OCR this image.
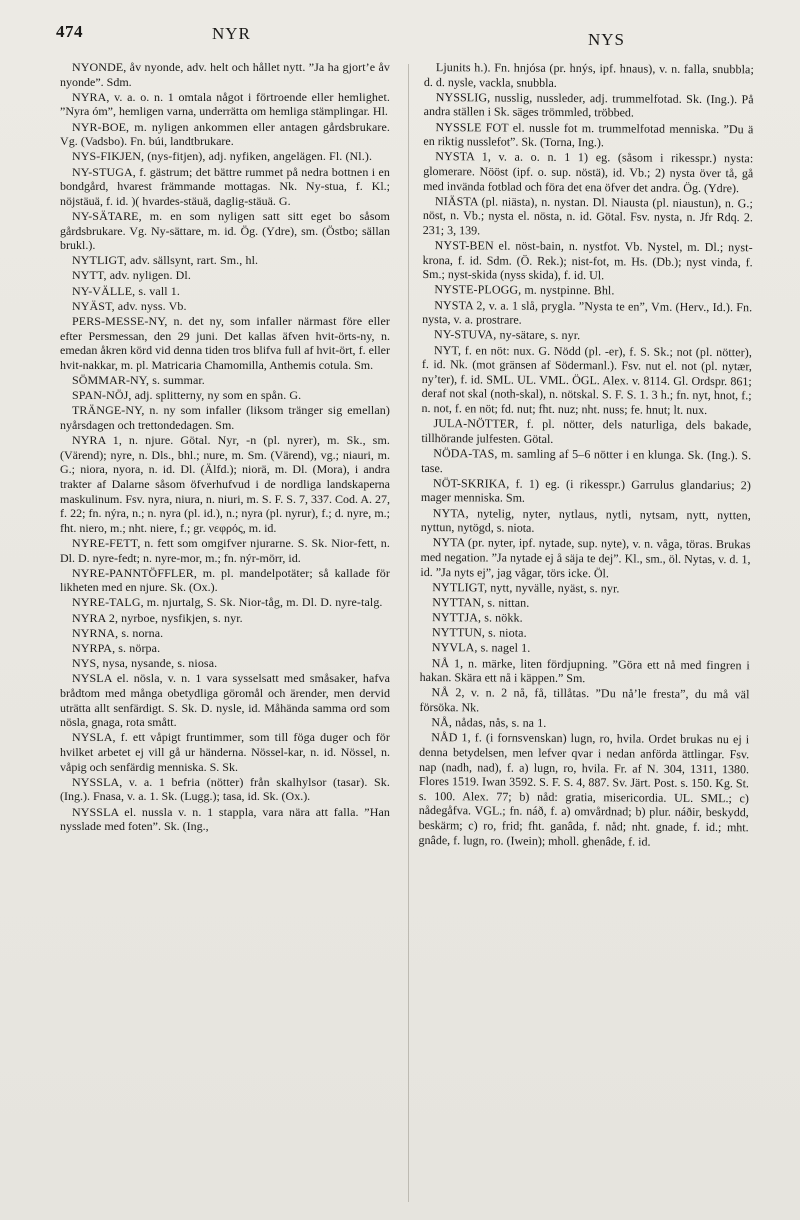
474	NYR	NYS

NYONDE, åv nyonde, adv. helt och hållet nytt. ”Ja ha gjort’e åv nyonde”. Sdm.

NYRA, v. a. o. n. 1 omtala något i förtroende eller hemlighet. ”Nyra óm”, hemligen varna, underrätta om hemliga stämplingar. Hl.

NYR-BOE, m. nyligen ankommen eller antagen gårdsbrukare. Vg. (Vadsbo). Fn. búi, landtbrukare.

NYS-FIKJEN, (nys-fitjen), adj. nyfiken, angelägen. Fl. (Nl.).

NY-STUGA, f. gästrum; det bättre rummet på nedra bottnen i en bondgård, hvarest främmande mottagas. Nk. Ny-stua, f. Kl.; nöjstäuä, f. id. )( hvardes-stäuä, daglig-stäuä. G.

NY-SÄTARE, m. en som nyligen satt sitt eget bo såsom gårdsbrukare. Vg. Ny-sättare, m. id. Ög. (Ydre), sm. (Östbo; sällan brukl.).

NYTLIGT, adv. sällsynt, rart. Sm., hl.

NYTT, adv. nyligen. Dl.

NY-VÄLLE, s. vall 1.

NYÄST, adv. nyss. Vb.

PERS-MESSE-NY, n. det ny, som infaller närmast före eller efter Persmessan, den 29 juni. Det kallas äfven hvit-örts-ny, n. emedan åkren körd vid denna tiden tros blifva full af hvit-ört, f. eller hvit-nakkar, m. pl. Matricaria Chamomilla, Anthemis cotula. Sm.

SÖMMAR-NY, s. summar.

SPAN-NÖJ, adj. splitterny, ny som en spån. G.

TRÄNGE-NY, n. ny som infaller (liksom tränger sig emellan) nyårsdagen och trettondedagen. Sm.

NYRA 1, n. njure. Götal. Nyr, -n (pl. nyrer), m. Sk., sm. (Värend); nyre, n. Dls., bhl.; nure, m. Sm. (Värend), vg.; niauri, m. G.; niora, nyora, n. id. Dl. (Älfd.); niorä, m. Dl. (Mora), i andra trakter af Dalarne såsom öfverhufvud i de nordliga landskaperna maskulinum. Fsv. nyra, niura, n. niuri, m. S. F. S. 7, 337. Cod. A. 27, f. 22; fn. nýra, n.; n. nyra (pl. id.), n.; nyra (pl. nyrur), f.; d. nyre, m.; fht. niero, m.; nht. niere, f.; gr. νεφρός, m. id.

NYRE-FETT, n. fett som omgifver njurarne. S. Sk. Nior-fett, n. Dl. D. nyre-fedt; n. nyre-mor, m.; fn. nýr-mörr, id.

NYRE-PANNTÖFFLER, m. pl. mandelpotäter; så kallade för likheten med en njure. Sk. (Ox.).

NYRE-TALG, m. njurtalg, S. Sk. Nior-tåg, m. Dl. D. nyre-talg.

NYRA 2, nyrboe, nysfikjen, s. nyr.

NYRNA, s. norna.

NYRPA, s. nörpa.

NYS, nysa, nysande, s. niosa.

NYSLA el. nösla, v. n. 1 vara sysselsatt med småsaker, hafva brådtom med många obetydliga göromål och ärender, men dervid uträtta allt senfärdigt. S. Sk. D. nysle, id. Måhända samma ord som nösla, gnaga, rota smått.

NYSLA, f. ett våpigt fruntimmer, som till föga duger och för hvilket arbetet ej vill gå ur händerna. Nössel-kar, n. id. Nössel, n. våpig och senfärdig menniska. S. Sk.

NYSSLA, v. a. 1 befria (nötter) från skalhylsor (tasar). Sk. (Ing.). Fnasa, v. a. 1. Sk. (Lugg.); tasa, id. Sk. (Ox.).

NYSSLA el. nussla v. n. 1 stappla, vara nära att falla. ”Han nysslade med foten”. Sk. (Ing.,

Ljunits h.). Fn. hnjósa (pr. hnýs, ipf. hnaus), v. n. falla, snubbla; d. d. nysle, vackla, snubbla.

NYSSLIG, nusslig, nussleder, adj. trummelfotad. Sk. (Ing.). På andra ställen i Sk. säges trömmled, tröbbed.

NYSSLE FOT el. nussle fot m. trummelfotad menniska. ”Du ä en riktig nusslefot”. Sk. (Torna, Ing.).

NYSTA 1, v. a. o. n. 1 1) eg. (såsom i rikesspr.) nysta: glomerare. Nööst (ipf. o. sup. nöstä), id. Vb.; 2) nysta över tå, gå med invända fotblad och föra det ena öfver det andra. Ög. (Ydre).

NIÄSTA (pl. niästa), n. nystan. Dl. Niausta (pl. niaustun), n. G.; nöst, n. Vb.; nysta el. nösta, n. id. Götal. Fsv. nysta, n. Jfr Rdq. 2. 231; 3, 139.

NYST-BEN el. nöst-bain, n. nystfot. Vb. Nystel, m. Dl.; nyst-krona, f. id. Sdm. (Ö. Rek.); nist-fot, m. Hs. (Db.); nyst vinda, f. Sm.; nyst-skida (nyss skida), f. id. Ul.

NYSTE-PLOGG, m. nystpinne. Bhl.

NYSTA 2, v. a. 1 slå, prygla. ”Nysta te en”, Vm. (Herv., Id.). Fn. nysta, v. a. prostrare.

NY-STUVA, ny-sätare, s. nyr.

NYT, f. en nöt: nux. G. Nödd (pl. -er), f. S. Sk.; not (pl. nötter), f. id. Nk. (mot gränsen af Södermanl.). Fsv. nut el. not (pl. nytær, ny’ter), f. id. SML. UL. VML. ÖGL. Alex. v. 8114. Gl. Ordspr. 861; deraf not skal (noth-skal), n. nötskal. S. F. S. 1. 3 h.; fn. nyt, hnot, f.; n. not, f. en nöt; fd. nut; fht. nuz; nht. nuss; fe. hnut; lt. nux.

JULA-NÖTTER, f. pl. nötter, dels naturliga, dels bakade, tillhörande julfesten. Götal.

NÖDA-TAS, m. samling af 5–6 nötter i en klunga. Sk. (Ing.). S. tase.

NÖT-SKRIKA, f. 1) eg. (i rikesspr.) Garrulus glandarius; 2) mager menniska. Sm.

NYTA, nytelig, nyter, nytlaus, nytli, nytsam, nytt, nytten, nyttun, nytögd, s. niota.

NYTA (pr. nyter, ipf. nytade, sup. nyte), v. n. våga, töras. Brukas med negation. ”Ja nytade ej å säja te dej”. Kl., sm., öl. Nytas, v. d. 1, id. ”Ja nyts ej”, jag vågar, törs icke. Öl.

NYTLIGT, nytt, nyvälle, nyäst, s. nyr.

NYTTAN, s. nittan.

NYTTJA, s. nökk.

NYTTUN, s. niota.

NYVLA, s. nagel 1.

NÅ 1, n. märke, liten fördjupning. ”Göra ett nå med fingren i hakan. Skära ett nå i käppen.” Sm.

NÅ 2, v. n. 2 nå, få, tillåtas. ”Du nå’le fresta”, du må väl försöka. Nk.

NÅ, nådas, nås, s. na 1.

NÅD 1, f. (i fornsvenskan) lugn, ro, hvila. Ordet brukas nu ej i denna betydelsen, men lefver qvar i nedan anförda ättlingar. Fsv. nap (nadh, nad), f. a) lugn, ro, hvila. Fr. af N. 304, 1311, 1380. Flores 1519. Iwan 3592. S. F. S. 4, 887. Sv. Järt. Post. s. 150. Kg. St. s. 100. Alex. 77; b) nåd: gratia, misericordia. UL. SML.; c) nådegåfva. VGL.; fn. náð, f. a) omvårdnad; b) plur. náðir, beskydd, beskärm; c) ro, frid; fht. ganâda, f. nåd; nht. gnade, f. id.; mht. gnâde, f. lugn, ro. (Iwein); mholl. ghenâde, f. id.
